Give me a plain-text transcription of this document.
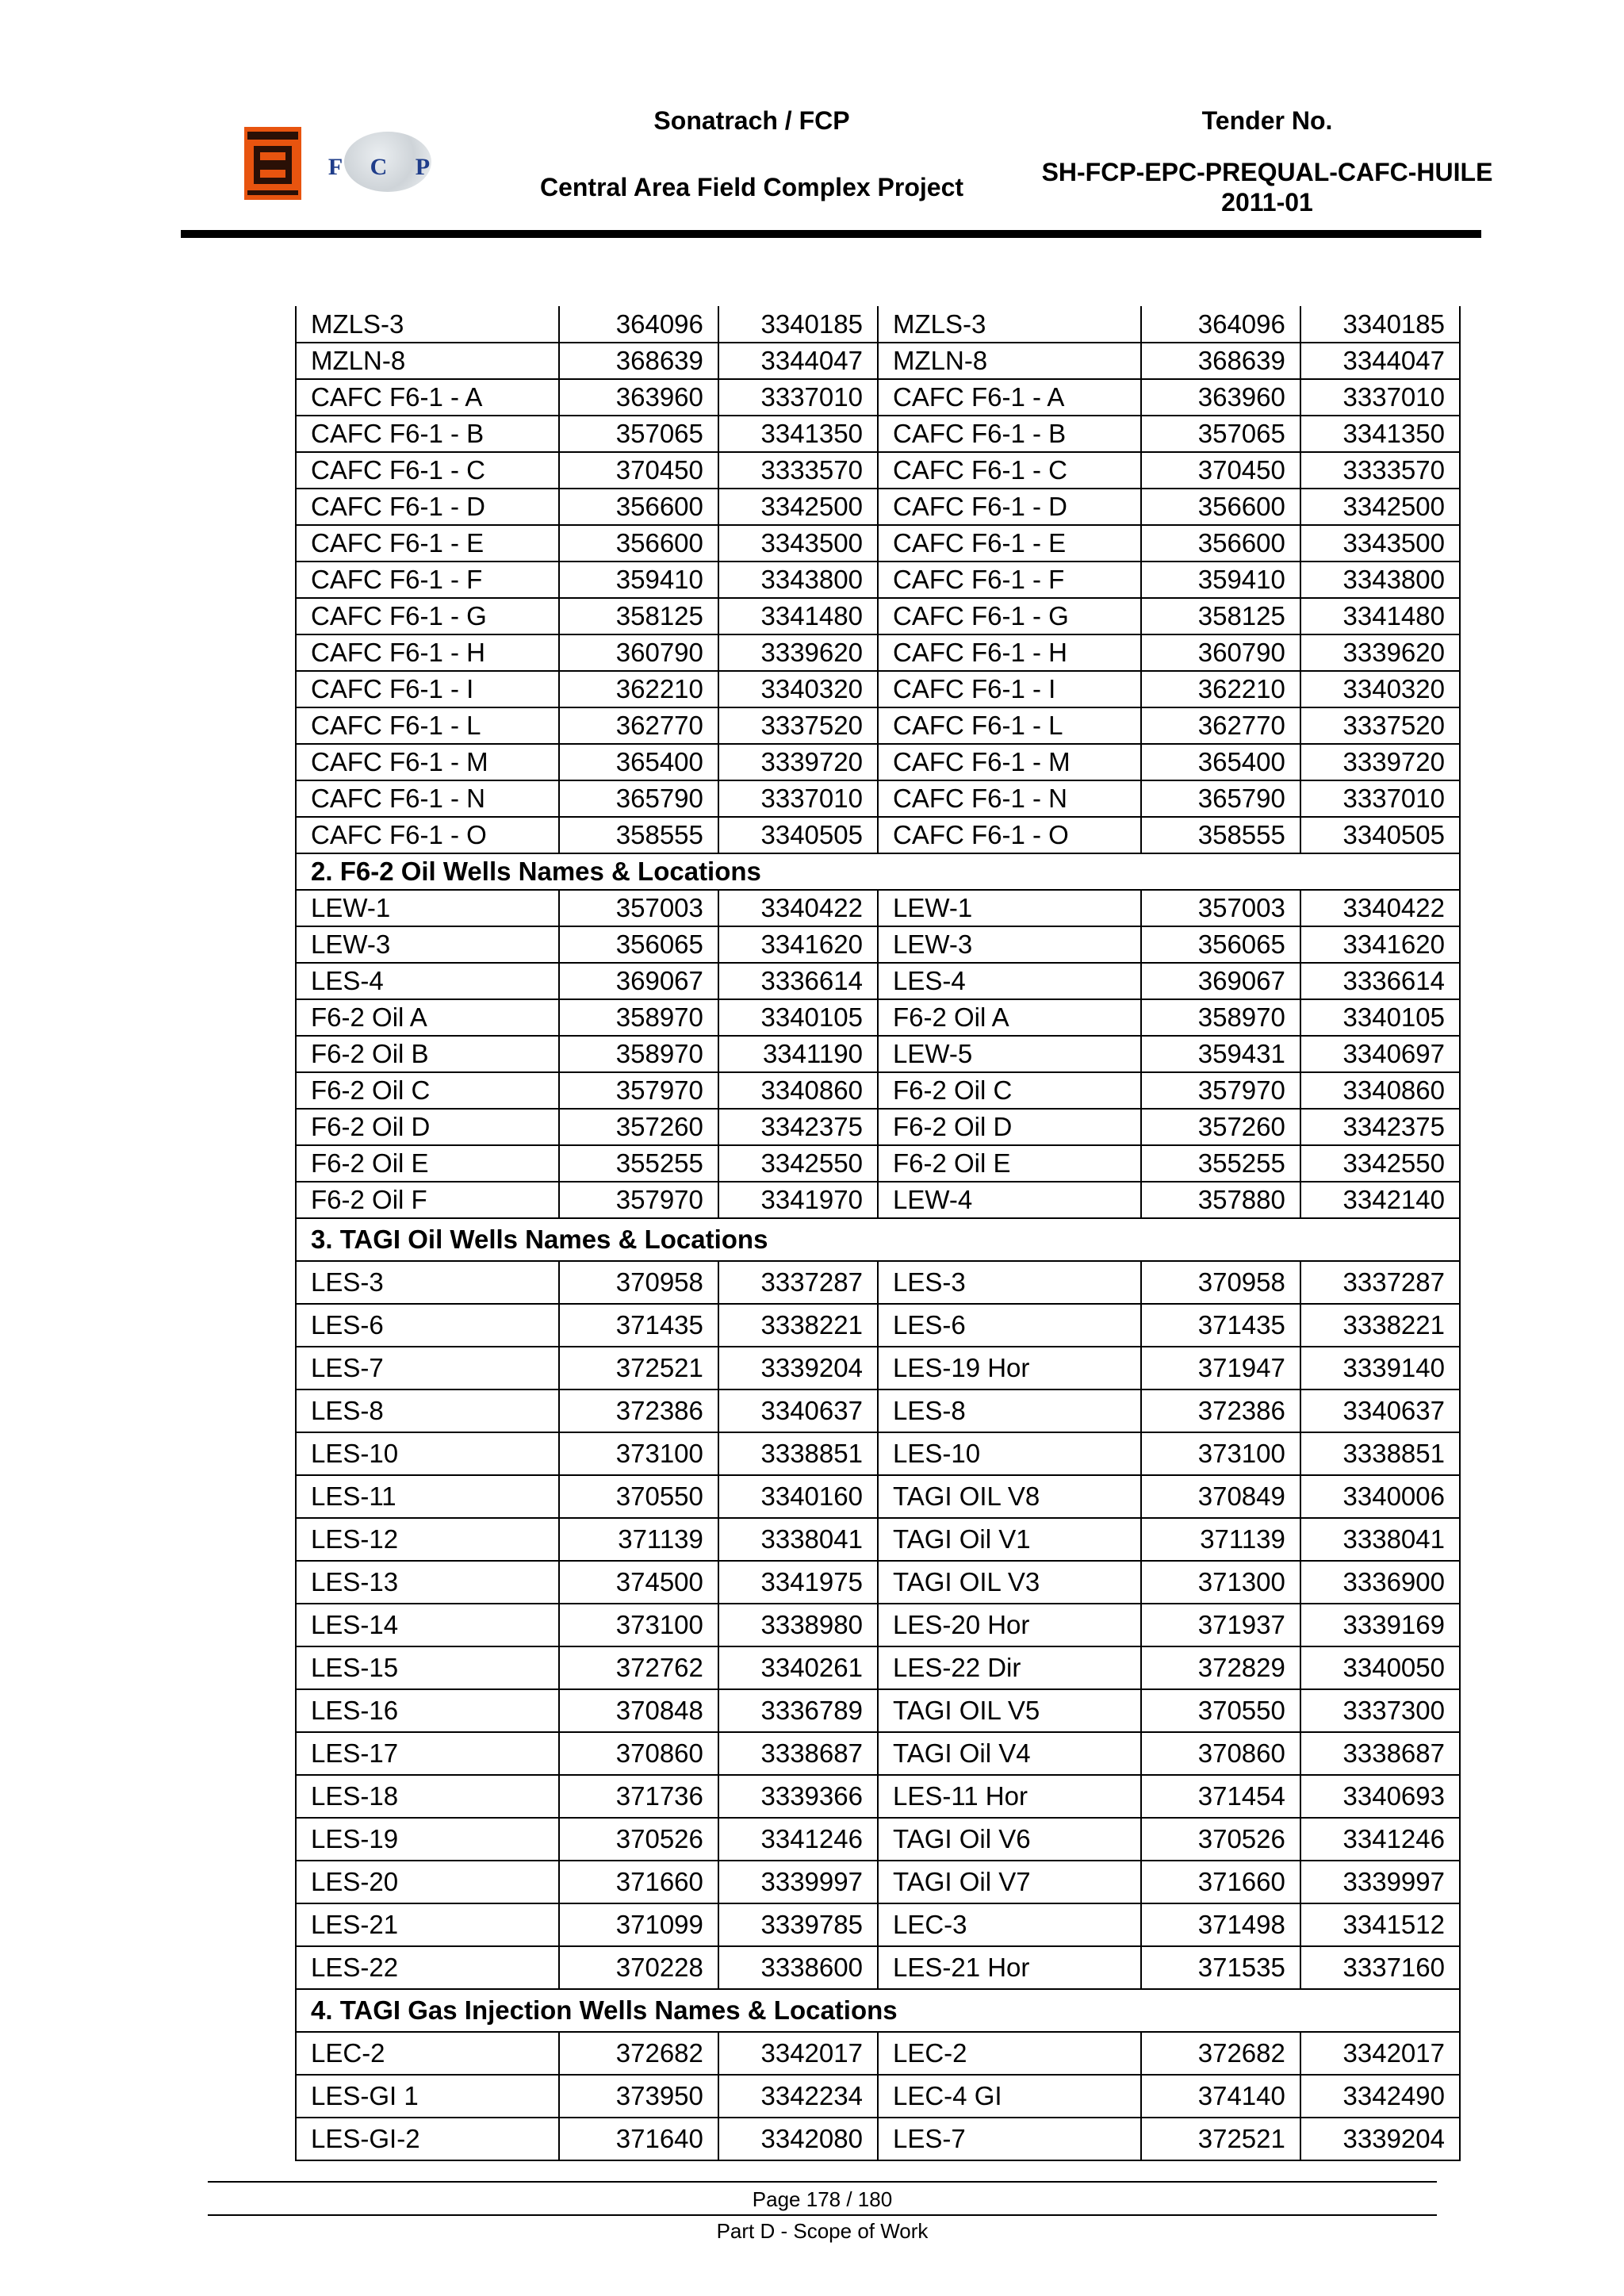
F C P
Sonatrach / FCP
Central Area Field Complex Project
Tender No.
SH-FCP-EPC-PREQUAL-CAFC-HUILE 2011-01
MZLS-3	364096	3340185	MZLS-3	364096	3340185
MZLN-8	368639	3344047	MZLN-8	368639	3344047
CAFC F6-1 - A	363960	3337010	CAFC F6-1 - A	363960	3337010
CAFC F6-1 - B	357065	3341350	CAFC F6-1 - B	357065	3341350
CAFC F6-1 - C	370450	3333570	CAFC F6-1 - C	370450	3333570
CAFC F6-1 - D	356600	3342500	CAFC F6-1 - D	356600	3342500
CAFC F6-1 - E	356600	3343500	CAFC F6-1 - E	356600	3343500
CAFC F6-1 - F	359410	3343800	CAFC F6-1 - F	359410	3343800
CAFC F6-1 - G	358125	3341480	CAFC F6-1 - G	358125	3341480
CAFC F6-1 - H	360790	3339620	CAFC F6-1 - H	360790	3339620
CAFC F6-1 - I	362210	3340320	CAFC F6-1 - I	362210	3340320
CAFC F6-1 - L	362770	3337520	CAFC F6-1 - L	362770	3337520
CAFC F6-1 - M	365400	3339720	CAFC F6-1 - M	365400	3339720
CAFC F6-1 - N	365790	3337010	CAFC F6-1 - N	365790	3337010
CAFC F6-1 - O	358555	3340505	CAFC F6-1 - O	358555	3340505
2. F6-2 Oil Wells Names & Locations					
LEW-1	357003	3340422	LEW-1	357003	3340422
LEW-3	356065	3341620	LEW-3	356065	3341620
LES-4	369067	3336614	LES-4	369067	3336614
F6-2 Oil A	358970	3340105	F6-2 Oil A	358970	3340105
F6-2 Oil B	358970	3341190	LEW-5	359431	3340697
F6-2 Oil C	357970	3340860	F6-2 Oil C	357970	3340860
F6-2 Oil D	357260	3342375	F6-2 Oil D	357260	3342375
F6-2 Oil E	355255	3342550	F6-2 Oil E	355255	3342550
F6-2 Oil F	357970	3341970	LEW-4	357880	3342140
3. TAGI Oil Wells Names & Locations					
LES-3	370958	3337287	LES-3	370958	3337287
LES-6	371435	3338221	LES-6	371435	3338221
LES-7	372521	3339204	LES-19 Hor	371947	3339140
LES-8	372386	3340637	LES-8	372386	3340637
LES-10	373100	3338851	LES-10	373100	3338851
LES-11	370550	3340160	TAGI OIL V8	370849	3340006
LES-12	371139	3338041	TAGI Oil V1	371139	3338041
LES-13	374500	3341975	TAGI OIL V3	371300	3336900
LES-14	373100	3338980	LES-20 Hor	371937	3339169
LES-15	372762	3340261	LES-22 Dir	372829	3340050
LES-16	370848	3336789	TAGI OIL V5	370550	3337300
LES-17	370860	3338687	TAGI Oil V4	370860	3338687
LES-18	371736	3339366	LES-11 Hor	371454	3340693
LES-19	370526	3341246	TAGI Oil V6	370526	3341246
LES-20	371660	3339997	TAGI Oil V7	371660	3339997
LES-21	371099	3339785	LEC-3	371498	3341512
LES-22	370228	3338600	LES-21 Hor	371535	3337160
4. TAGI Gas Injection Wells Names & Locations					
LEC-2	372682	3342017	LEC-2	372682	3342017
LES-GI 1	373950	3342234	LEC-4 GI	374140	3342490
LES-GI-2	371640	3342080	LES-7	372521	3339204
Page 178 / 180
Part D - Scope of Work
